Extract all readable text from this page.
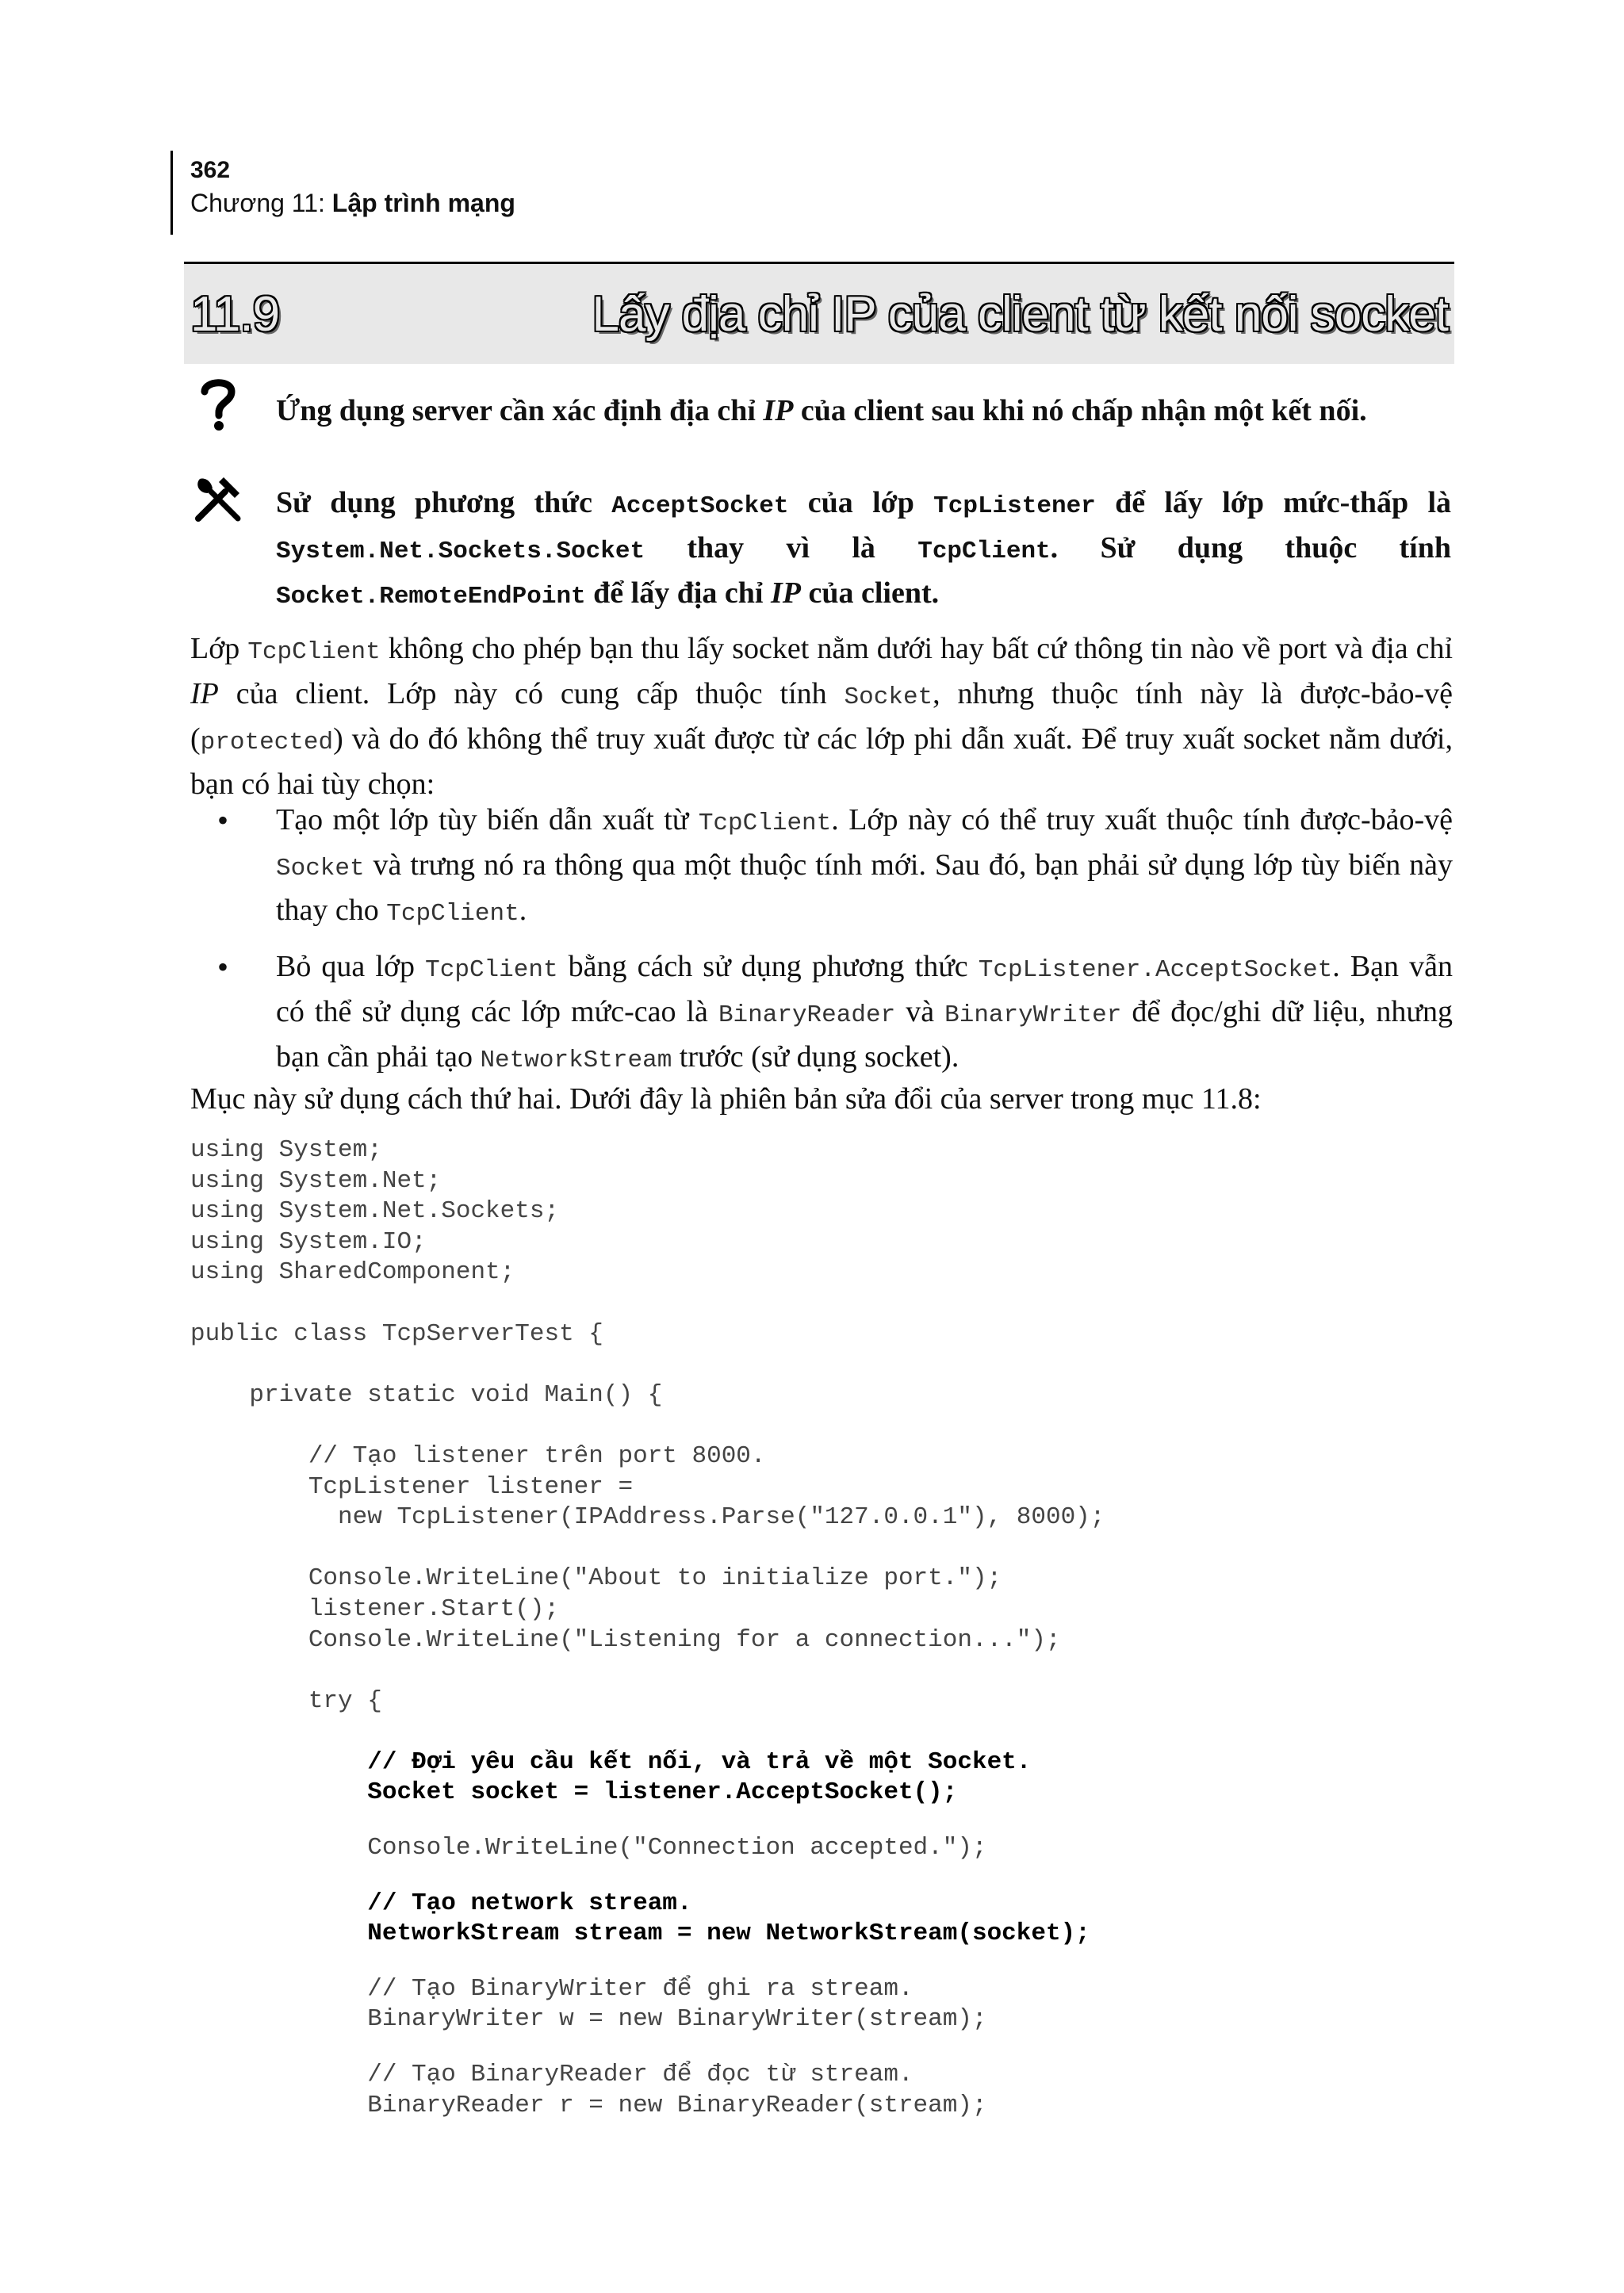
362
Chương 11: Lập trình mạng
11.9	Lấy địa chỉ IP của client từ kết nối socket
Ứng dụng server cần xác định địa chỉ IP của client sau khi nó chấp nhận một kết nối.
Sử dụng phương thức AcceptSocket của lớp TcpListener để lấy lớp mức-thấp là System.Net.Sockets.Socket thay vì là TcpClient. Sử dụng thuộc tính Socket.RemoteEndPoint để lấy địa chỉ IP của client.
Lớp TcpClient không cho phép bạn thu lấy socket nằm dưới hay bất cứ thông tin nào về port và địa chỉ IP của client. Lớp này có cung cấp thuộc tính Socket, nhưng thuộc tính này là được-bảo-vệ (protected) và do đó không thể truy xuất được từ các lớp phi dẫn xuất. Để truy xuất socket nằm dưới, bạn có hai tùy chọn:
• Tạo một lớp tùy biến dẫn xuất từ TcpClient. Lớp này có thể truy xuất thuộc tính được-bảo-vệ Socket và trưng nó ra thông qua một thuộc tính mới. Sau đó, bạn phải sử dụng lớp tùy biến này thay cho TcpClient.
• Bỏ qua lớp TcpClient bằng cách sử dụng phương thức TcpListener.AcceptSocket. Bạn vẫn có thể sử dụng các lớp mức-cao là BinaryReader và BinaryWriter để đọc/ghi dữ liệu, nhưng bạn cần phải tạo NetworkStream trước (sử dụng socket).
Mục này sử dụng cách thứ hai. Dưới đây là phiên bản sửa đổi của server trong mục 11.8:
using System;
using System.Net;
using System.Net.Sockets;
using System.IO;
using SharedComponent;
public class TcpServerTest {
private static void Main() {
// Tạo listener trên port 8000.
TcpListener listener =
new TcpListener(IPAddress.Parse("127.0.0.1"), 8000);
Console.WriteLine("About to initialize port.");
listener.Start();
Console.WriteLine("Listening for a connection...");
try {
// Đợi yêu cầu kết nối, và trả về một Socket.
Socket socket = listener.AcceptSocket();
Console.WriteLine("Connection accepted.");
// Tạo network stream.
NetworkStream stream = new NetworkStream(socket);
// Tạo BinaryWriter để ghi ra stream.
BinaryWriter w = new BinaryWriter(stream);
// Tạo BinaryReader để đọc từ stream.
BinaryReader r = new BinaryReader(stream);
